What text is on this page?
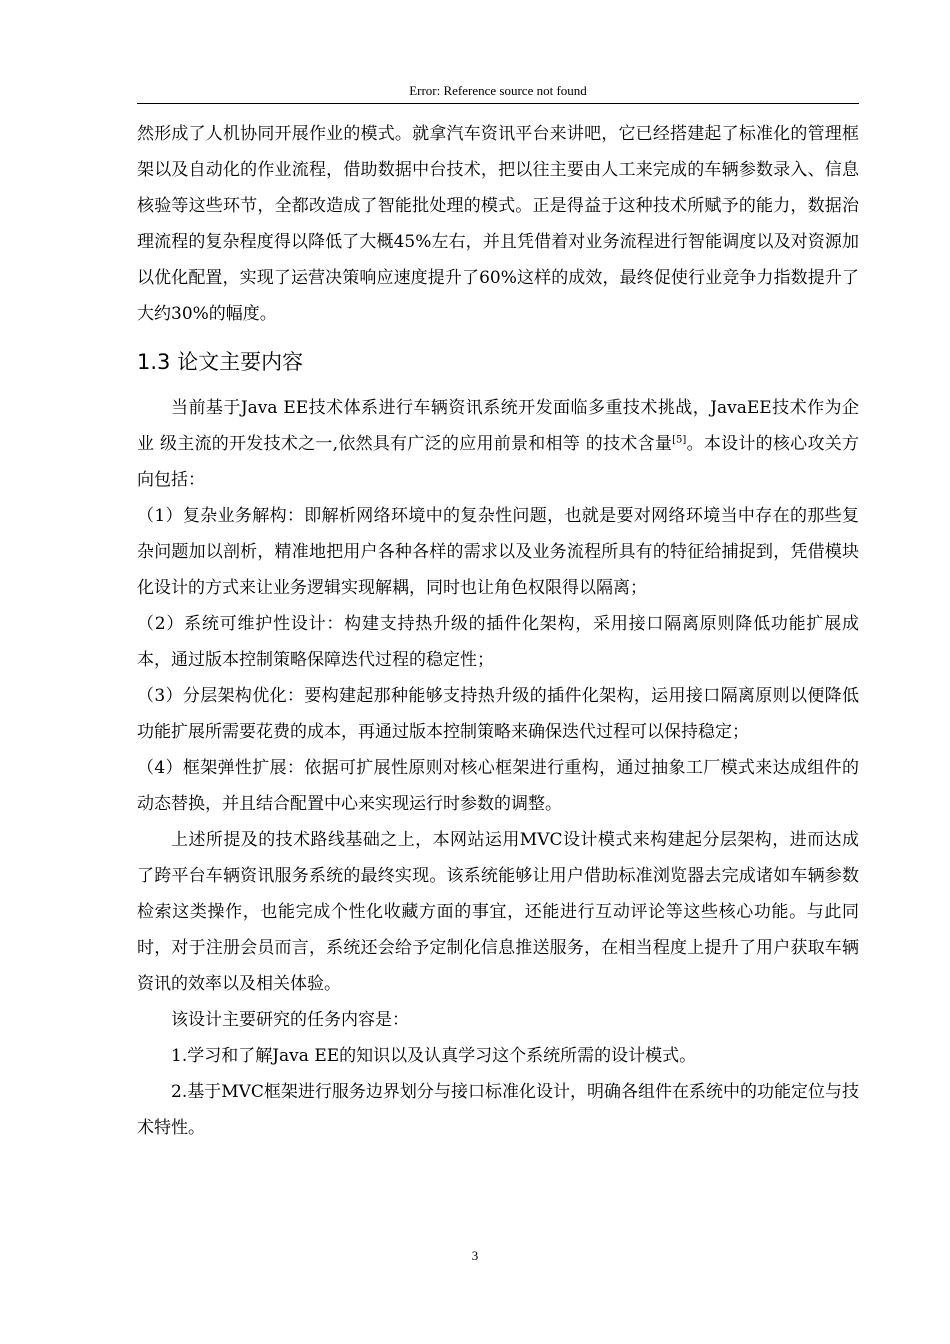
Error: Reference source not found

然形成了人机协同开展作业的模式。就拿汽车资讯平台来讲吧，它已经搭建起了标准化的管理框架以及自动化的作业流程，借助数据中台技术，把以往主要由人工来完成的车辆参数录入、信息核验等这些环节，全都改造成了智能批处理的模式。正是得益于这种技术所赋予的能力，数据治理流程的复杂程度得以降低了大概45%左右，并且凭借着对业务流程进行智能调度以及对资源加以优化配置，实现了运营决策响应速度提升了60%这样的成效，最终促使行业竞争力指数提升了大约30%的幅度。

1.3 论文主要内容

当前基于Java EE技术体系进行车辆资讯系统开发面临多重技术挑战，JavaEE技术作为企业 级主流的开发技术之一,依然具有广泛的应用前景和相等 的技术含量[5]。本设计的核心攻关方向包括：

（1）复杂业务解构：即解析网络环境中的复杂性问题，也就是要对网络环境当中存在的那些复杂问题加以剖析，精准地把用户各种各样的需求以及业务流程所具有的特征给捕捉到，凭借模块化设计的方式来让业务逻辑实现解耦，同时也让角色权限得以隔离；

（2）系统可维护性设计：构建支持热升级的插件化架构，采用接口隔离原则降低功能扩展成本，通过版本控制策略保障迭代过程的稳定性；

（3）分层架构优化：要构建起那种能够支持热升级的插件化架构，运用接口隔离原则以便降低功能扩展所需要花费的成本，再通过版本控制策略来确保迭代过程可以保持稳定；

（4）框架弹性扩展：依据可扩展性原则对核心框架进行重构，通过抽象工厂模式来达成组件的动态替换，并且结合配置中心来实现运行时参数的调整。

上述所提及的技术路线基础之上，本网站运用MVC设计模式来构建起分层架构，进而达成了跨平台车辆资讯服务系统的最终实现。该系统能够让用户借助标准浏览器去完成诸如车辆参数检索这类操作，也能完成个性化收藏方面的事宜，还能进行互动评论等这些核心功能。与此同时，对于注册会员而言，系统还会给予定制化信息推送服务，在相当程度上提升了用户获取车辆资讯的效率以及相关体验。

该设计主要研究的任务内容是：

1.学习和了解Java EE的知识以及认真学习这个系统所需的设计模式。

2.基于MVC框架进行服务边界划分与接口标准化设计，明确各组件在系统中的功能定位与技术特性。

3
